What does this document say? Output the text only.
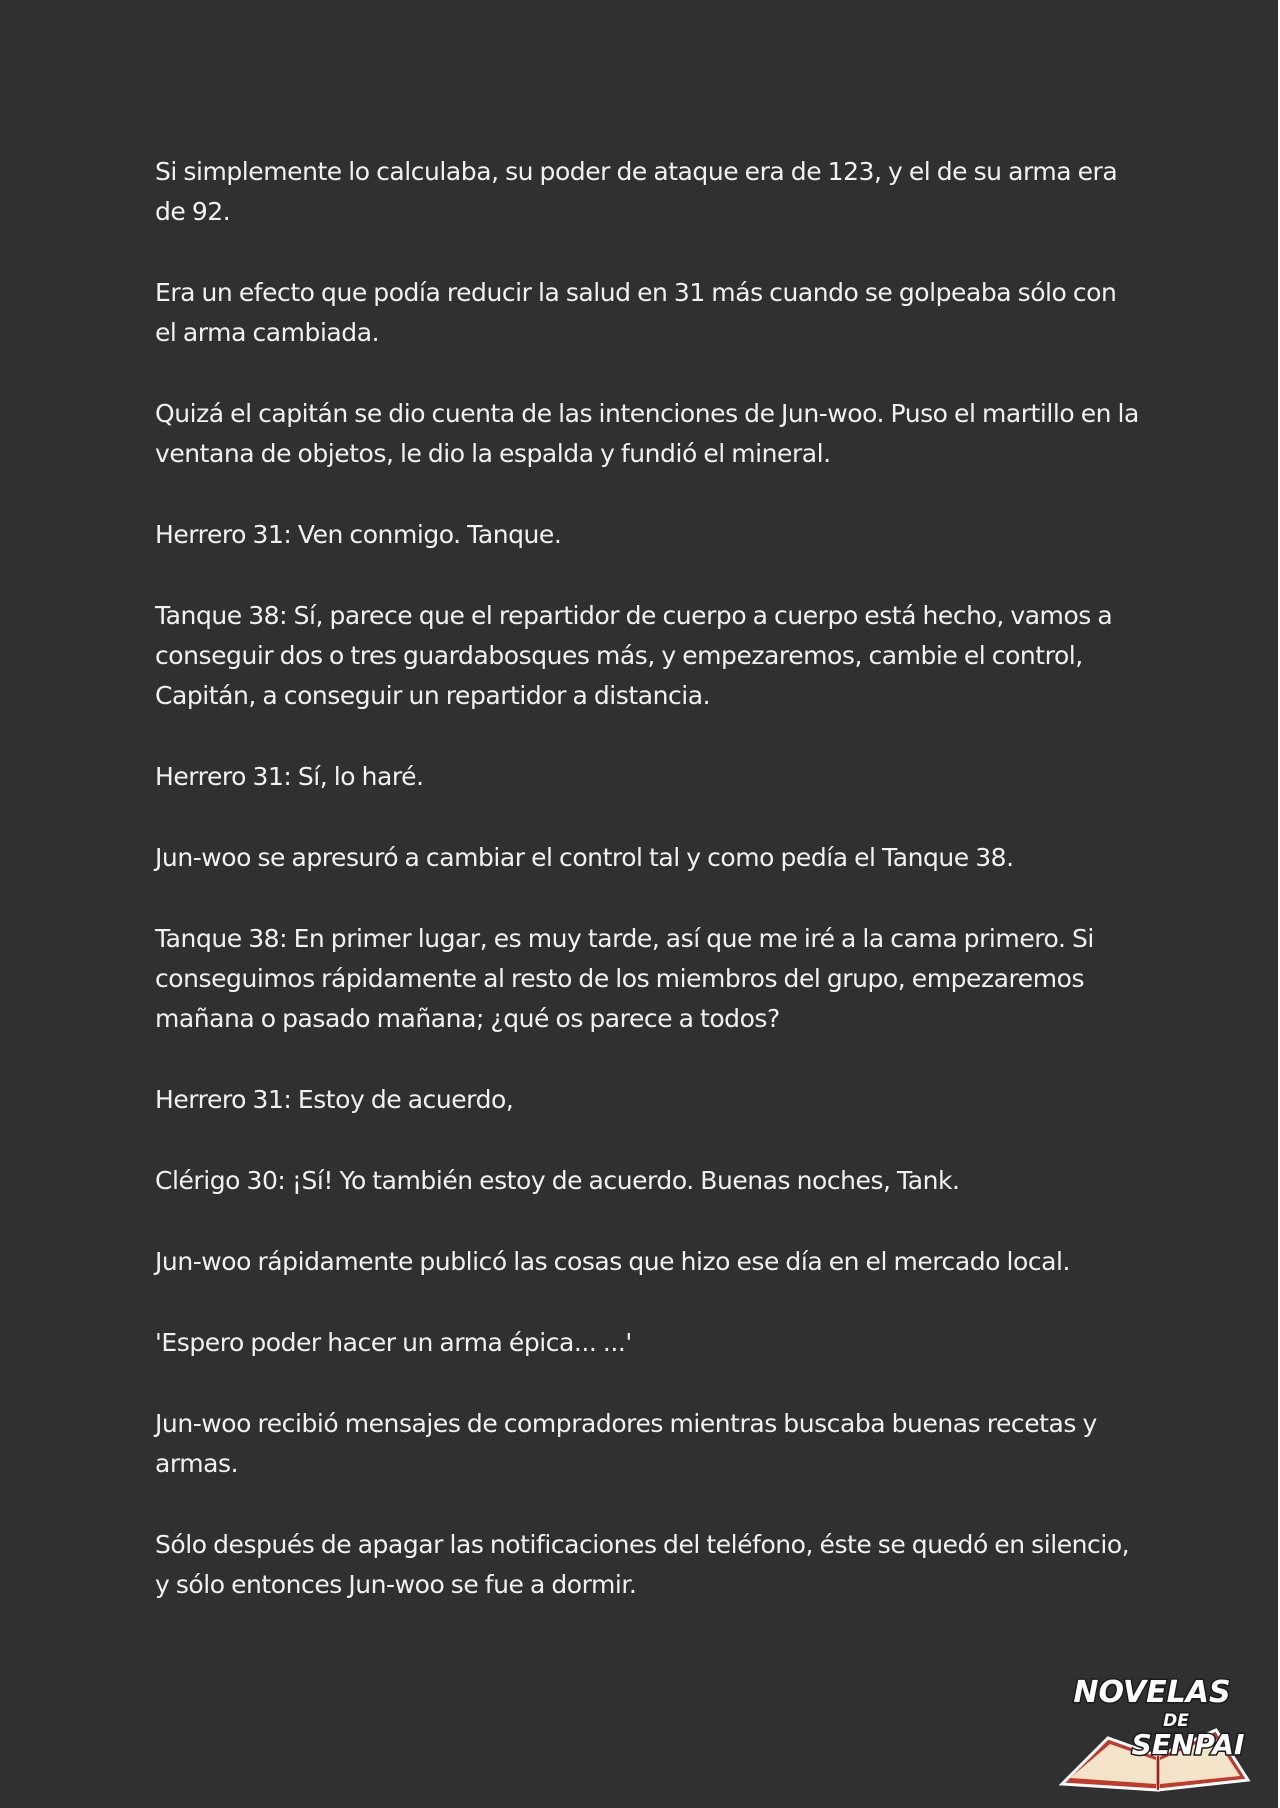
Si simplemente lo calculaba, su poder de ataque era de 123, y el de su arma era de 92.

Era un efecto que podía reducir la salud en 31 más cuando se golpeaba sólo con el arma cambiada.

Quizá el capitán se dio cuenta de las intenciones de Jun-woo. Puso el martillo en la ventana de objetos, le dio la espalda y fundió el mineral.

Herrero 31: Ven conmigo. Tanque.

Tanque 38: Sí, parece que el repartidor de cuerpo a cuerpo está hecho, vamos a conseguir dos o tres guardabosques más, y empezaremos, cambie el control, Capitán, a conseguir un repartidor a distancia.

Herrero 31: Sí, lo haré.

Jun-woo se apresuró a cambiar el control tal y como pedía el Tanque 38.

Tanque 38: En primer lugar, es muy tarde, así que me iré a la cama primero. Si conseguimos rápidamente al resto de los miembros del grupo, empezaremos mañana o pasado mañana; ¿qué os parece a todos?

Herrero 31: Estoy de acuerdo,

Clérigo 30: ¡Sí! Yo también estoy de acuerdo. Buenas noches, Tank.

Jun-woo rápidamente publicó las cosas que hizo ese día en el mercado local.

'Espero poder hacer un arma épica... ...'

Jun-woo recibió mensajes de compradores mientras buscaba buenas recetas y armas.

Sólo después de apagar las notificaciones del teléfono, éste se quedó en silencio, y sólo entonces Jun-woo se fue a dormir.

NOVELAS
DE
SENPAI
